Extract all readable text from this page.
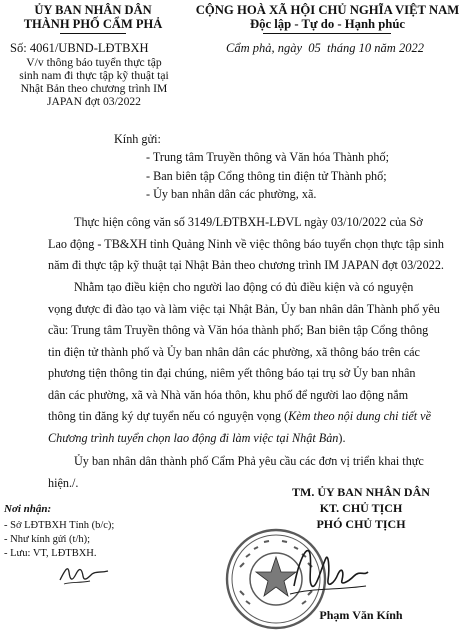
ỦY BAN NHÂN DÂN
THÀNH PHỐ CẨM PHẢ
CỘNG HOÀ XÃ HỘI CHỦ NGHĨA VIỆT NAM
Độc lập - Tự do - Hạnh phúc
Số: 4061/UBND-LĐTBXH	Cẩm phả, ngày 05 tháng 10 năm 2022
V/v thông báo tuyển thực tập
sinh nam đi thực tập kỹ thuật tại
Nhật Bản theo chương trình IM
JAPAN đợt 03/2022
Kính gửi:
- Trung tâm Truyền thông và Văn hóa Thành phố;
- Ban biên tập Cổng thông tin điện tử Thành phố;
- Ủy ban nhân dân các phường, xã.
Thực hiện công văn số 3149/LĐTBXH-LĐVL ngày 03/10/2022 của Sở
Lao động - TB&XH tỉnh Quảng Ninh về việc thông báo tuyển chọn thực tập sinh
năm đi thực tập kỹ thuật tại Nhật Bản theo chương trình IM JAPAN đợt 03/2022.
Nhằm tạo điều kiện cho người lao động có đủ điều kiện và có nguyện
vọng được đi đào tạo và làm việc tại Nhật Bản, Ủy ban nhân dân Thành phố yêu
cầu: Trung tâm Truyền thông và Văn hóa thành phố; Ban biên tập Cổng thông
tin điện tử thành phố và Ủy ban nhân dân các phường, xã thông báo trên các
phương tiện thông tin đại chúng, niêm yết thông báo tại trụ sở Ủy ban nhân
dân các phường, xã và Nhà văn hóa thôn, khu phố để người lao động nắm
thông tin đăng ký dự tuyển nếu có nguyện vọng (Kèm theo nội dung chi tiết về
Chương trình tuyển chọn lao động đi làm việc tại Nhật Bản).
Ủy ban nhân dân thành phố Cẩm Phả yêu cầu các đơn vị triển khai thực
hiện./.
Nơi nhận:
- Sở LĐTBXH Tỉnh (b/c);
- Như kính gửi (t/h);
- Lưu: VT, LĐTBXH.
TM. ỦY BAN NHÂN DÂN
KT. CHỦ TỊCH
PHÓ CHỦ TỊCH
Phạm Văn Kính
